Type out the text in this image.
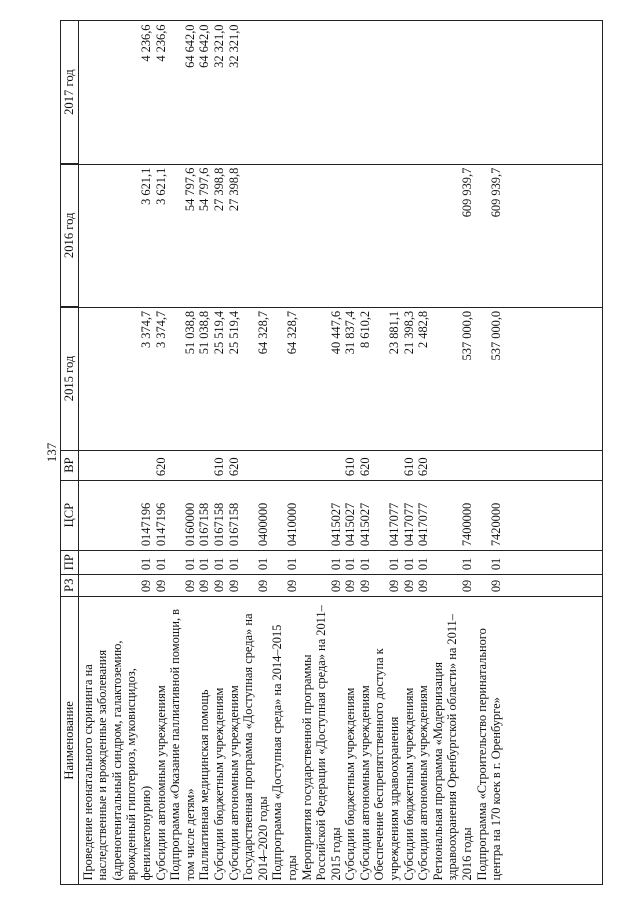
137
Наименование	РЗ	ПР	ЦСР	ВР	2015 год	2016 год	2017 год
Проведение неонатального скрининга на наследственные и врожденные заболевания (адреногенитальный синдром, галактоземию, врожденный гипотериоз, муковисцидоз, фенилкетонурию)	09	01	0147196		3 374,7	3 621,1	4 236,6
Субсидии автономным учреждениям	09	01	0147196	620	3 374,7	3 621,1	4 236,6
Подпрограмма «Оказание паллиативной помощи, в том числе детям»	09	01	0160000		51 038,8	54 797,6	64 642,0
Паллиативная медицинская помощь	09	01	0167158		51 038,8	54 797,6	64 642,0
Субсидии бюджетным учреждениям	09	01	0167158	610	25 519,4	27 398,8	32 321,0
Субсидии автономным учреждениям	09	01	0167158	620	25 519,4	27 398,8	32 321,0
Государственная программа «Доступная среда» на 2014–2020 годы	09	01	0400000		64 328,7		
Подпрограмма «Доступная среда» на 2014–2015 годы	09	01	0410000		64 328,7		
Мероприятия государственной программы Российской Федерации «Доступная среда» на 2011–2015 годы	09	01	0415027		40 447,6		
Субсидии бюджетным учреждениям	09	01	0415027	610	31 837,4		
Субсидии автономным учреждениям	09	01	0415027	620	8 610,2		
Обеспечение беспрепятственного доступа к учреждениям здравоохранения	09	01	0417077		23 881,1		
Субсидии бюджетным учреждениям	09	01	0417077	610	21 398,3		
Субсидии автономным учреждениям	09	01	0417077	620	2 482,8		
Региональная программа «Модернизация здравоохранения Оренбургской области» на 2011–2016 годы	09	01	7400000		537 000,0	609 939,7	
Подпрограмма «Строительство перинатального центра на 170 коек в г. Оренбурге»	09	01	7420000		537 000,0	609 939,7	
